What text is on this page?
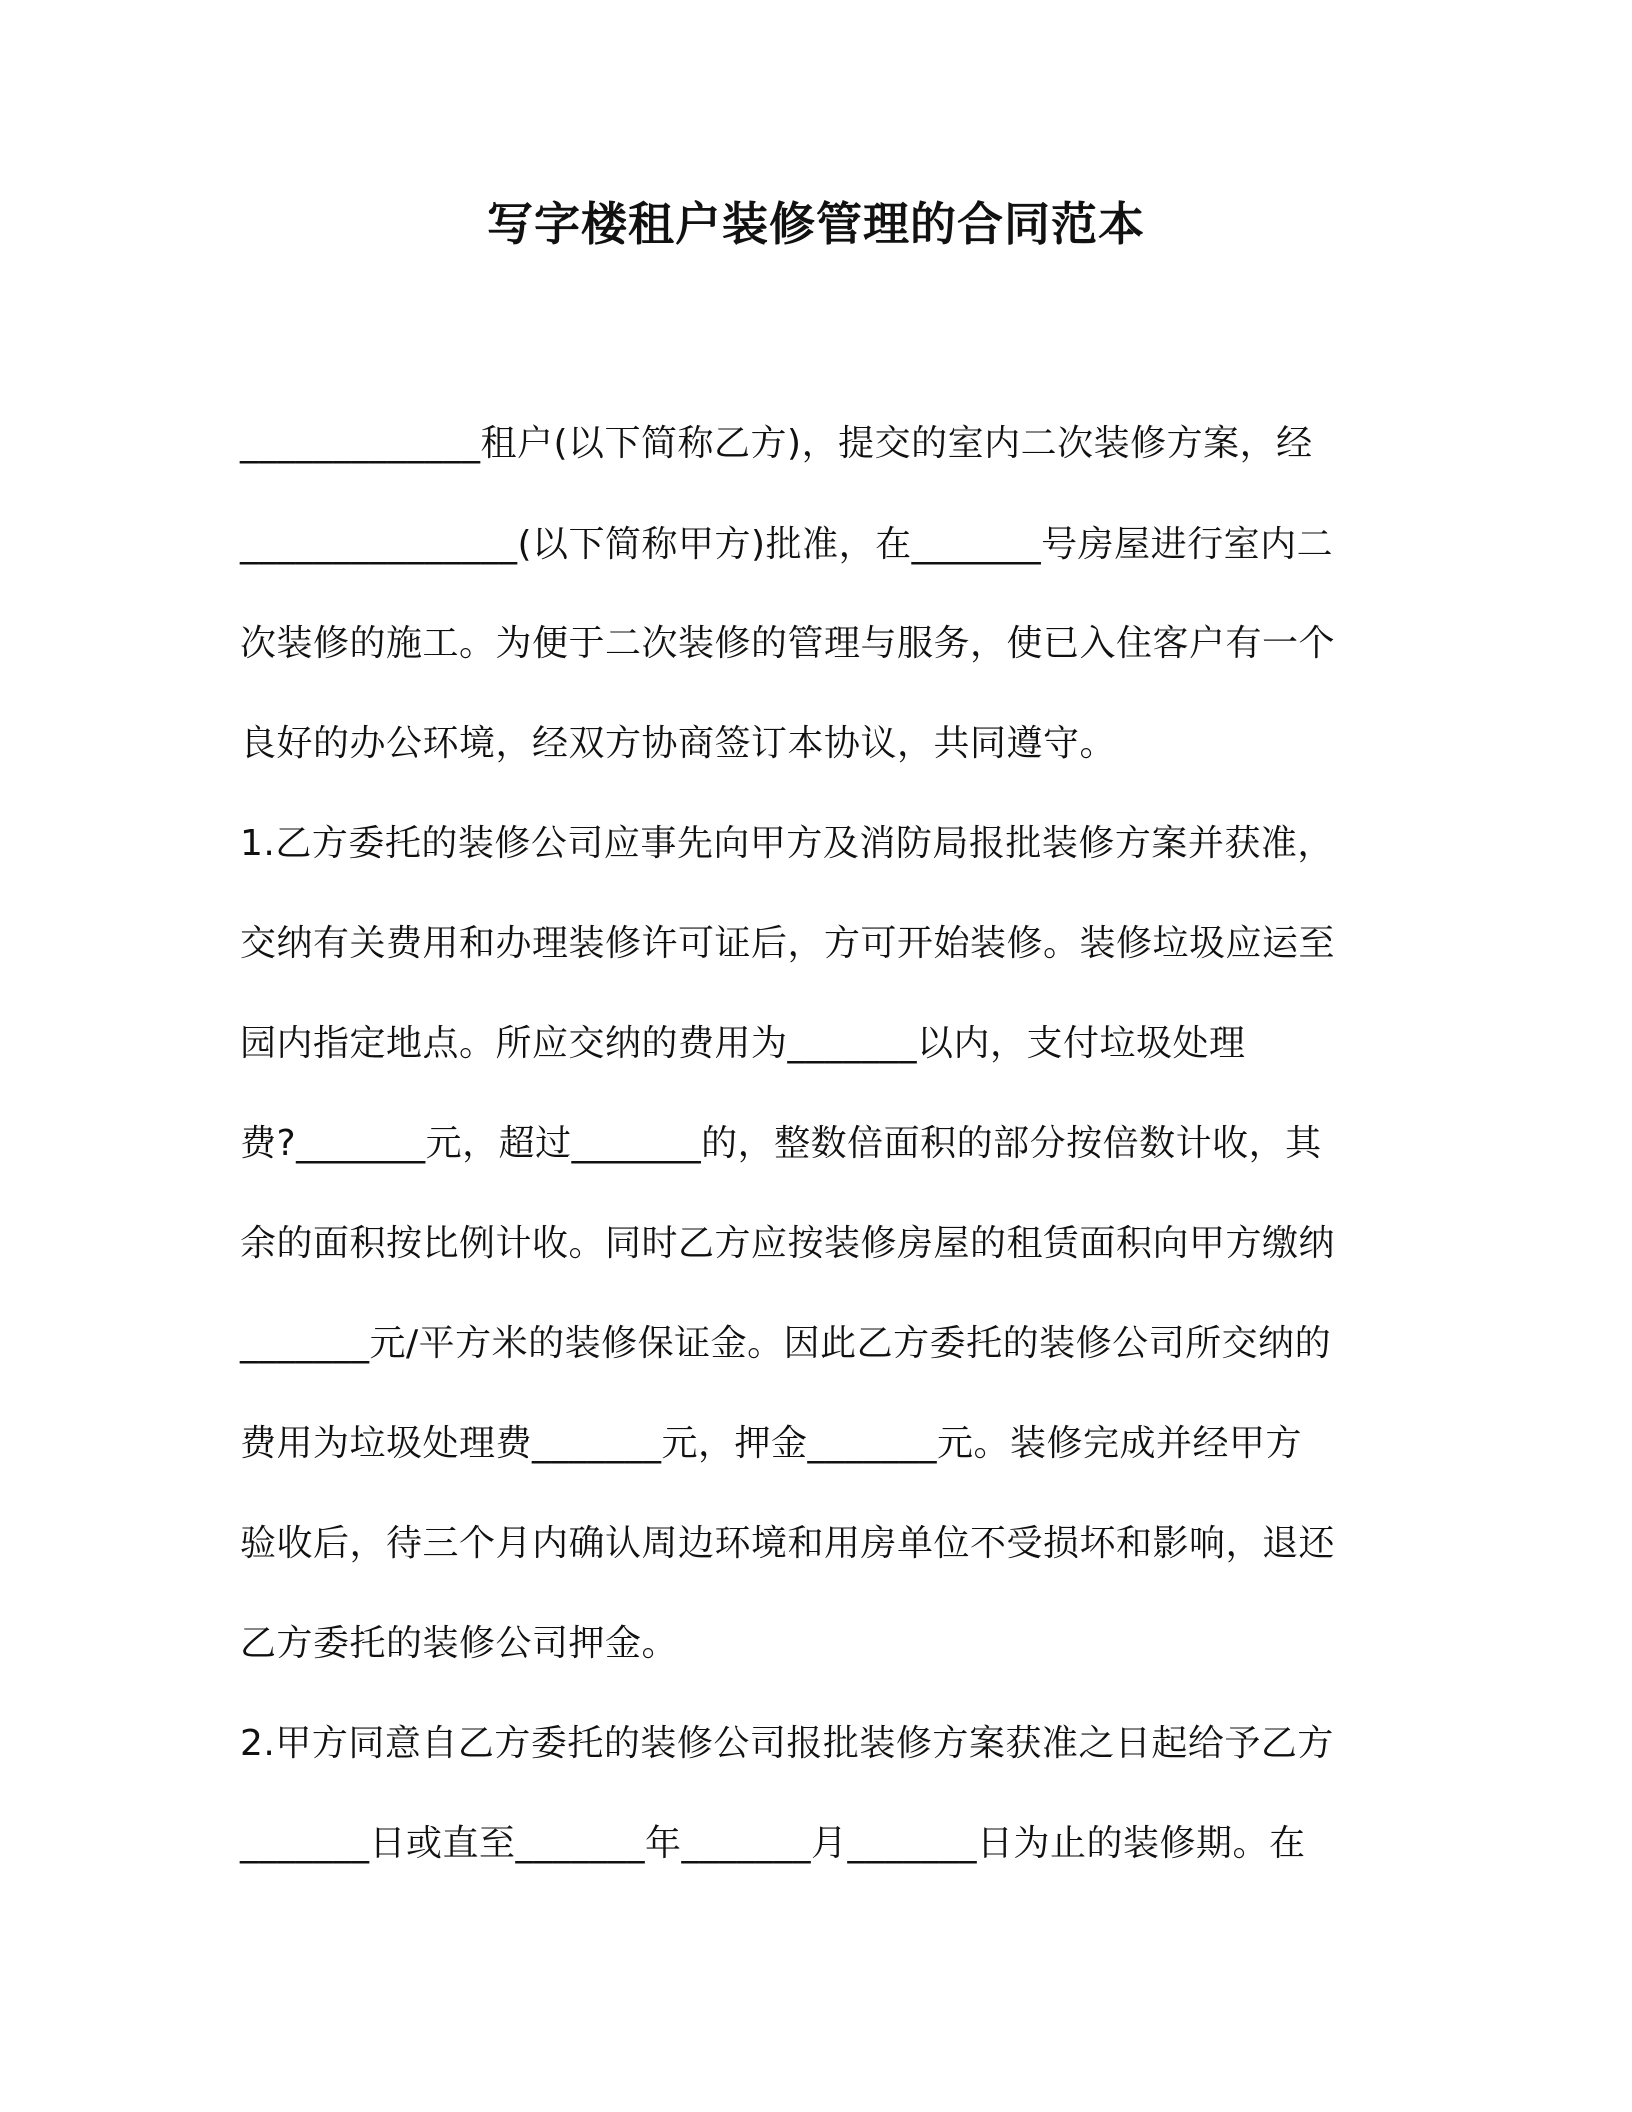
写字楼租户装修管理的合同范本
_____________租户(以下简称乙方)，提交的室内二次装修方案，经
_______________(以下简称甲方)批准，在_______号房屋进行室内二
次装修的施工。为便于二次装修的管理与服务，使已入住客户有一个
良好的办公环境，经双方协商签订本协议，共同遵守。
1.乙方委托的装修公司应事先向甲方及消防局报批装修方案并获准，
交纳有关费用和办理装修许可证后，方可开始装修。装修垃圾应运至
园内指定地点。所应交纳的费用为_______以内，支付垃圾处理
费?_______元，超过_______的，整数倍面积的部分按倍数计收，其
余的面积按比例计收。同时乙方应按装修房屋的租赁面积向甲方缴纳
_______元/平方米的装修保证金。因此乙方委托的装修公司所交纳的
费用为垃圾处理费_______元，押金_______元。装修完成并经甲方
验收后，待三个月内确认周边环境和用房单位不受损坏和影响，退还
乙方委托的装修公司押金。
2.甲方同意自乙方委托的装修公司报批装修方案获准之日起给予乙方
_______日或直至_______年_______月_______日为止的装修期。在
